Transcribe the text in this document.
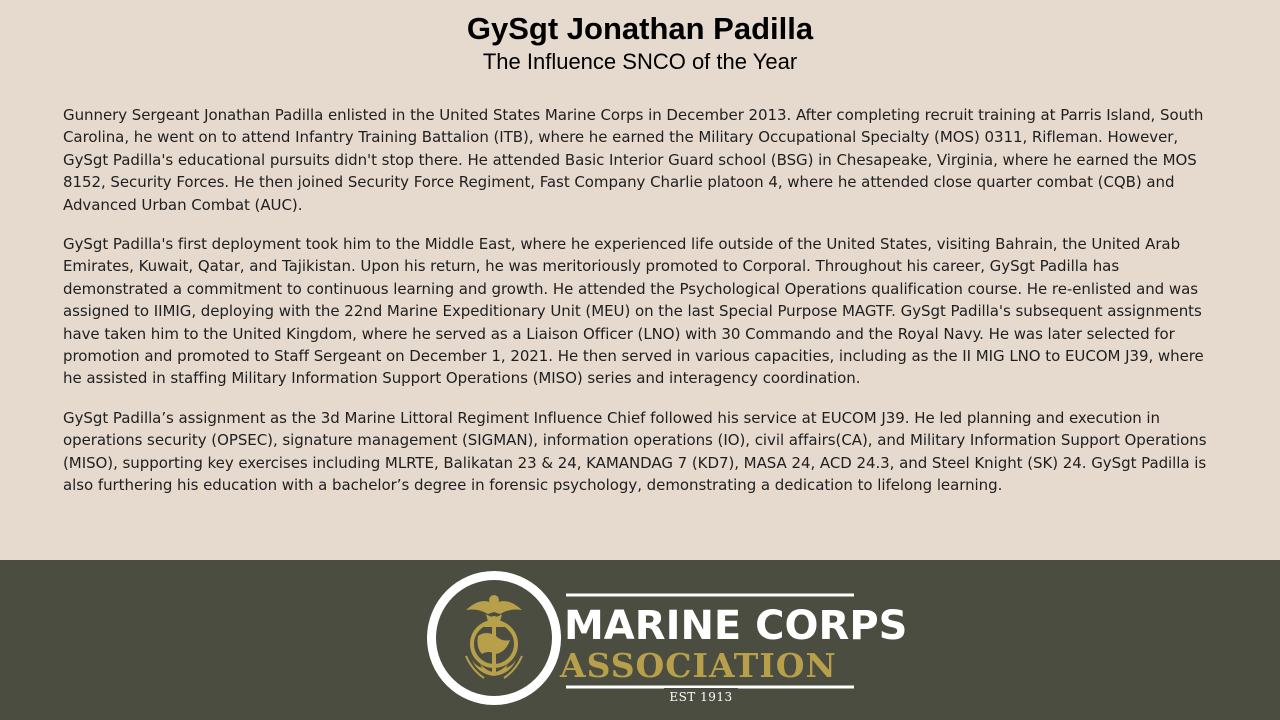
GySgt Jonathan Padilla
The Influence SNCO of the Year

Gunnery Sergeant Jonathan Padilla enlisted in the United States Marine Corps in December 2013. After completing recruit training at Parris Island, South Carolina, he went on to attend Infantry Training Battalion (ITB), where he earned the Military Occupational Specialty (MOS) 0311, Rifleman. However, GySgt Padilla's educational pursuits didn't stop there. He attended Basic Interior Guard school (BSG) in Chesapeake, Virginia, where he earned the MOS 8152, Security Forces. He then joined Security Force Regiment, Fast Company Charlie platoon 4, where he attended close quarter combat (CQB) and Advanced Urban Combat (AUC).

GySgt Padilla's first deployment took him to the Middle East, where he experienced life outside of the United States, visiting Bahrain, the United Arab Emirates, Kuwait, Qatar, and Tajikistan. Upon his return, he was meritoriously promoted to Corporal. Throughout his career, GySgt Padilla has demonstrated a commitment to continuous learning and growth. He attended the Psychological Operations qualification course. He re-enlisted and was assigned to IIMIG, deploying with the 22nd Marine Expeditionary Unit (MEU) on the last Special Purpose MAGTF. GySgt Padilla's subsequent assignments have taken him to the United Kingdom, where he served as a Liaison Officer (LNO) with 30 Commando and the Royal Navy. He was later selected for promotion and promoted to Staff Sergeant on December 1, 2021. He then served in various capacities, including as the II MIG LNO to EUCOM J39, where he assisted in staffing Military Information Support Operations (MISO) series and interagency coordination.

GySgt Padilla’s assignment as the 3d Marine Littoral Regiment Influence Chief followed his service at EUCOM J39. He led planning and execution in operations security (OPSEC), signature management (SIGMAN), information operations (IO), civil affairs(CA), and Military Information Support Operations (MISO), supporting key exercises including MLRTE, Balikatan 23 & 24, KAMANDAG 7 (KD7), MASA 24, ACD 24.3, and Steel Knight (SK) 24. GySgt Padilla is also furthering his education with a bachelor’s degree in forensic psychology, demonstrating a dedication to lifelong learning.

MARINE CORPS
ASSOCIATION
EST 1913
